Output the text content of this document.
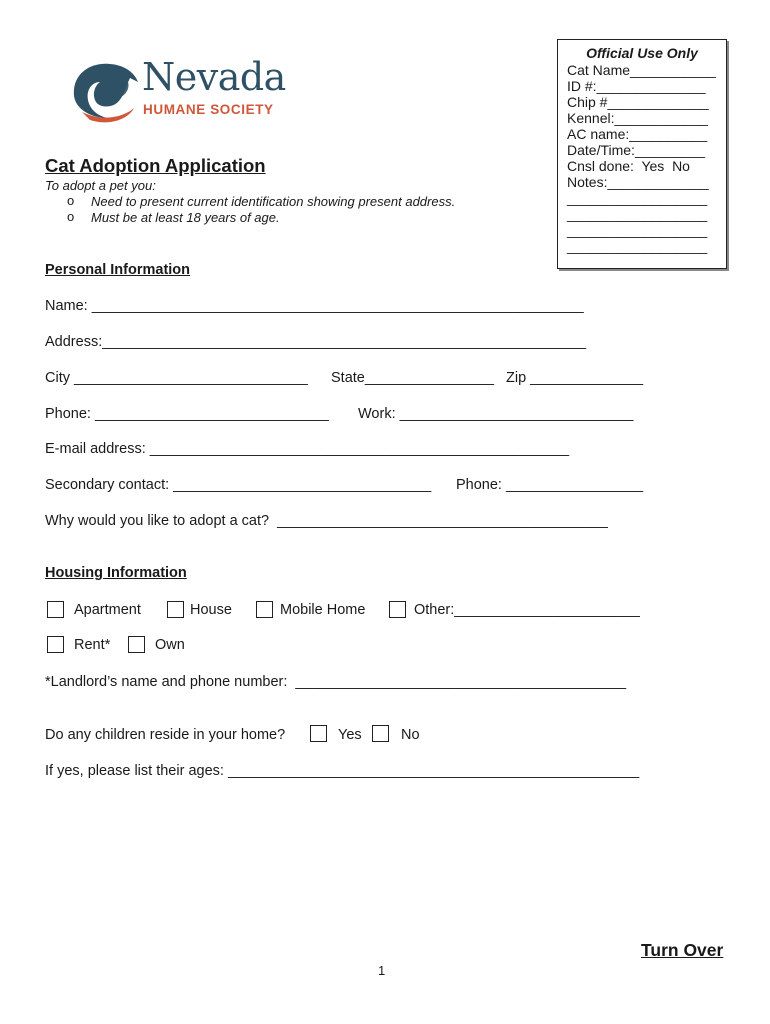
Nevada
HUMANE SOCIETY
Official Use Only
Cat Name___________
ID #:______________
Chip #_____________
Kennel:____________
AC name:__________
Date/Time:_________
Cnsl done:  Yes  No
Notes:_____________
__________________
__________________
__________________
__________________
Cat Adoption Application
To adopt a pet you:
o Need to present current identification showing present address.
o Must be at least 18 years of age.
Personal Information
Name: _____________________________________________________________
Address:____________________________________________________________
City _____________________________ State________________ Zip ______________
Phone: _____________________________ Work: _____________________________
E-mail address: ____________________________________________________
Secondary contact: ________________________________ Phone: _________________
Why would you like to adopt a cat?  _________________________________________
Housing Information
Apartment	House	Mobile Home	Other:_______________________
Rent*	Own
*Landlord’s name and phone number:  _________________________________________
Do any children reside in your home?	Yes	No
If yes, please list their ages: ___________________________________________________
Turn Over
1
